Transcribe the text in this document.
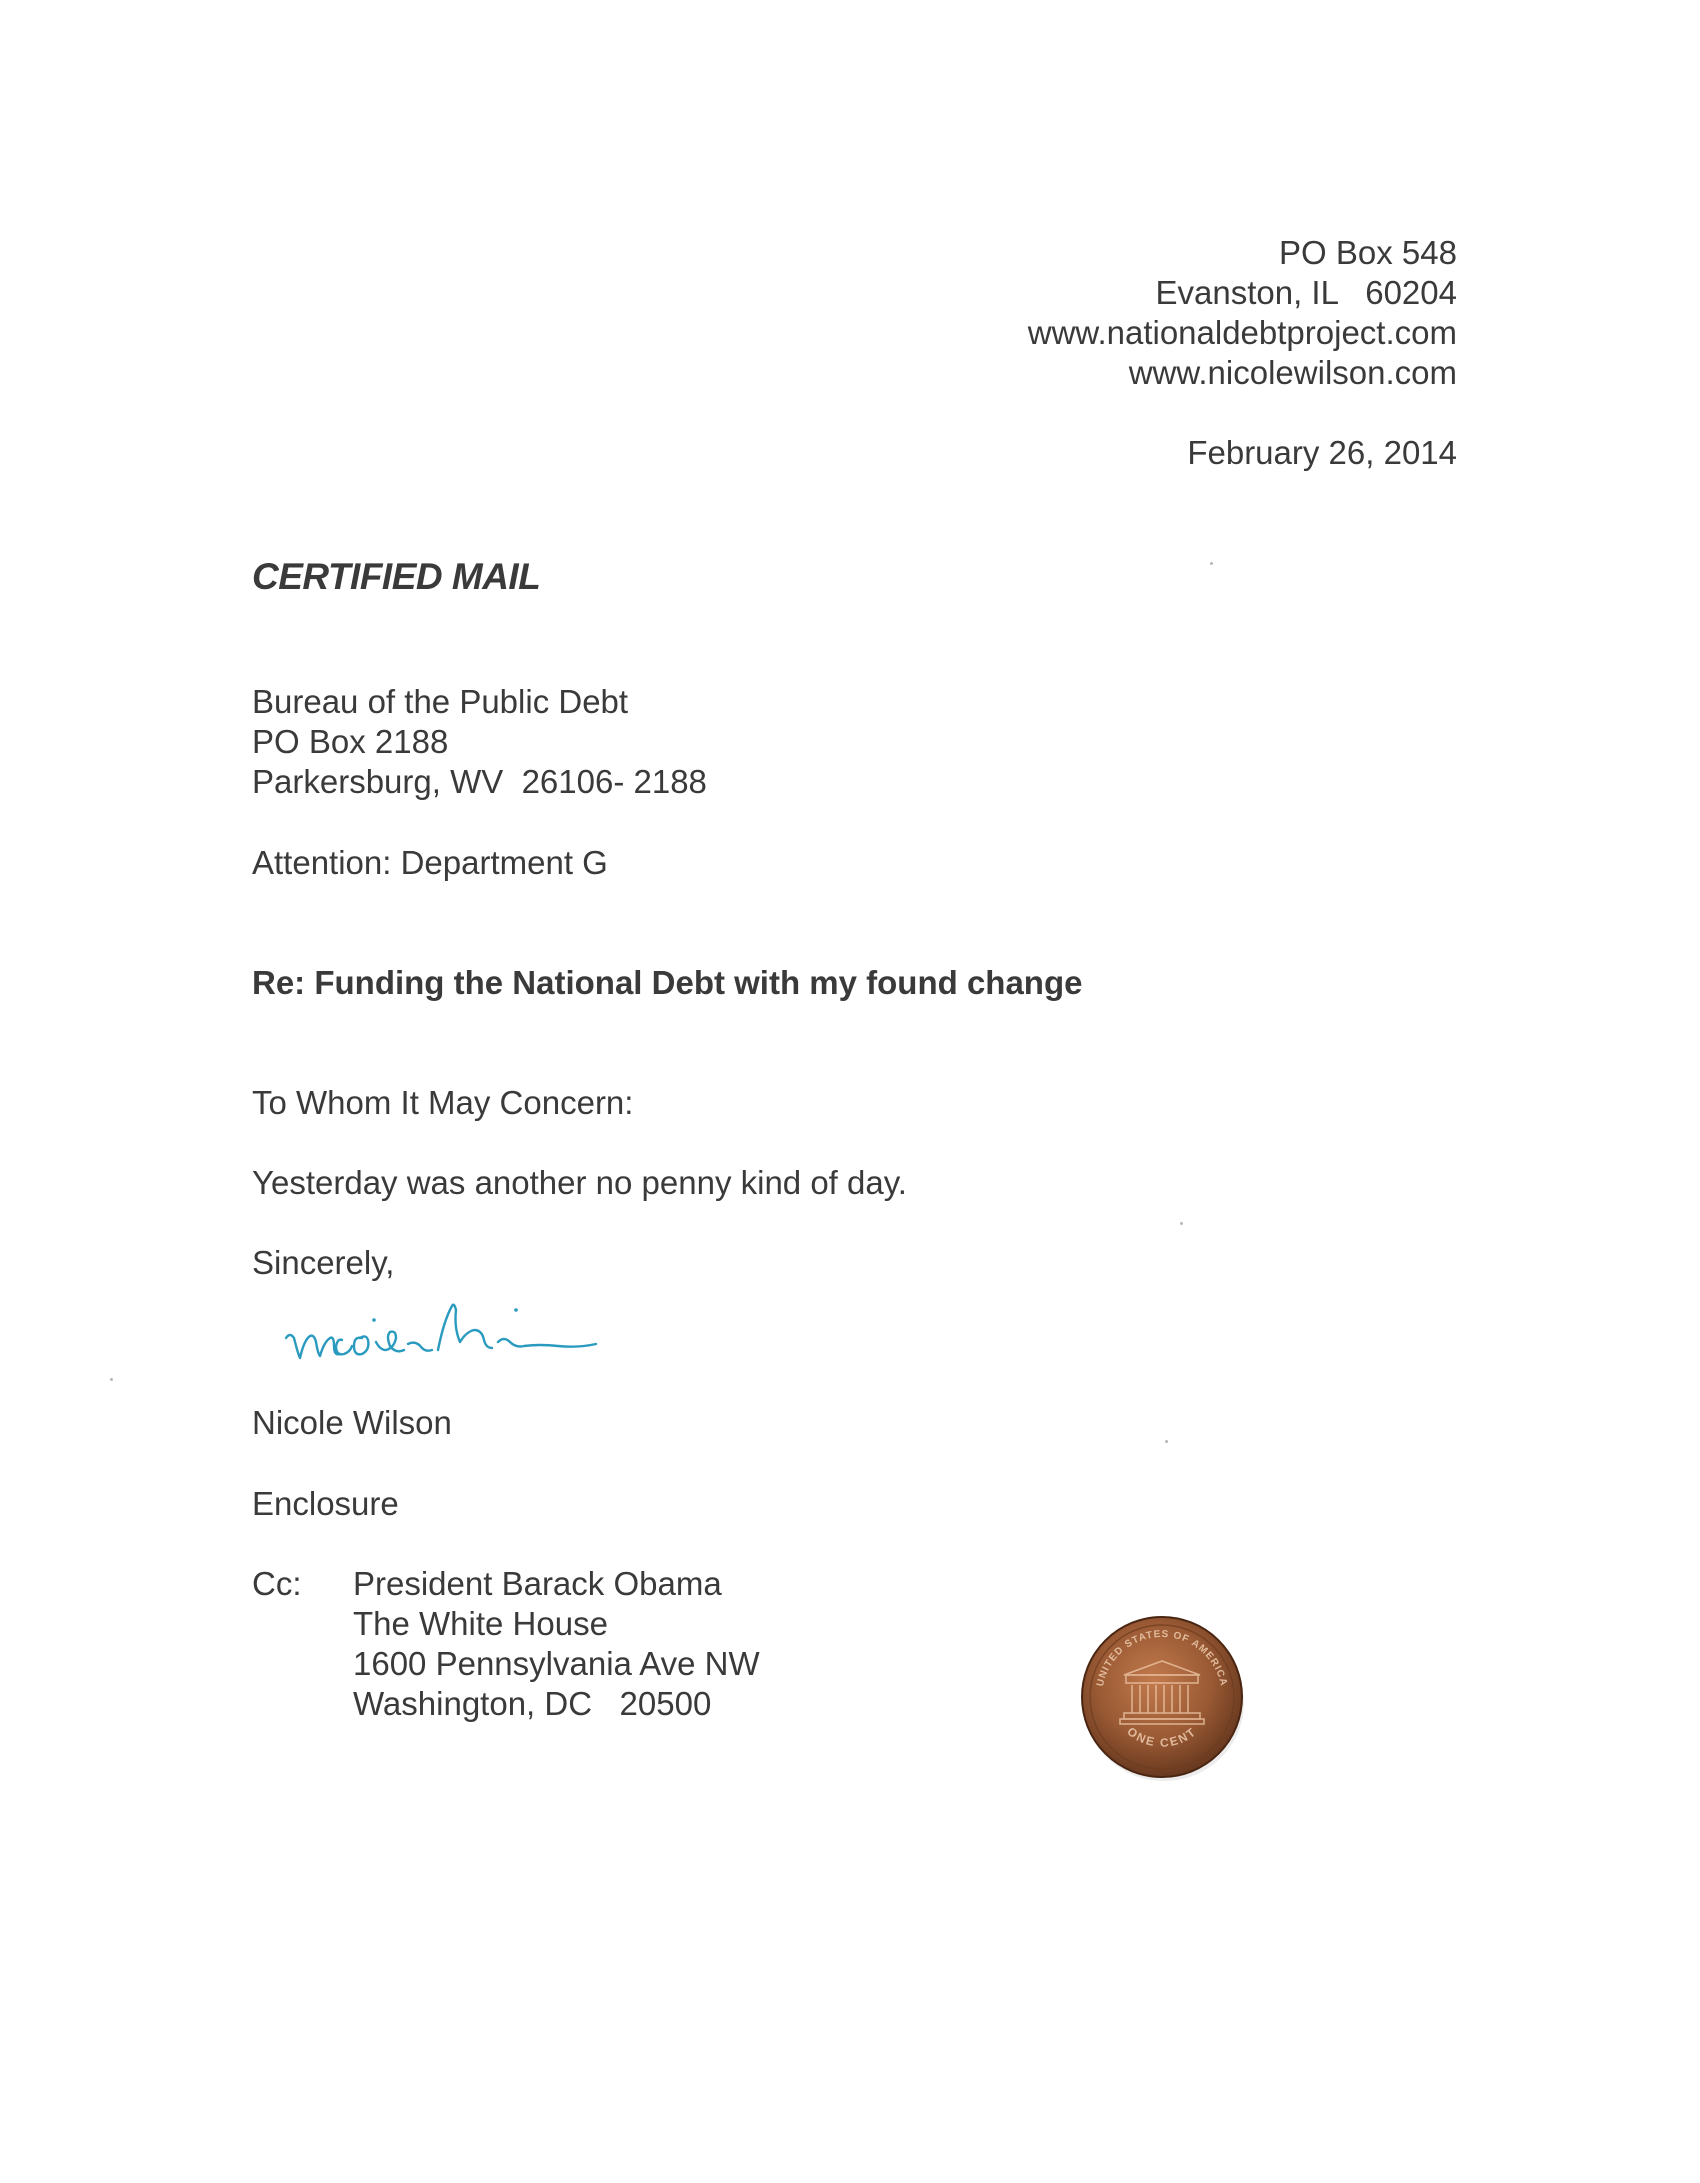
PO Box 548
Evanston, IL   60204
www.nationaldebtproject.com
www.nicolewilson.com
February 26, 2014
CERTIFIED MAIL
Bureau of the Public Debt
PO Box 2188
Parkersburg, WV  26106- 2188
Attention: Department G
Re: Funding the National Debt with my found change
To Whom It May Concern:
Yesterday was another no penny kind of day.
Sincerely,
Nicole Wilson
Enclosure
Cc: President Barack Obama
The White House
1600 Pennsylvania Ave NW
Washington, DC   20500
UNITED STATES OF AMERICA
ONE CENT
